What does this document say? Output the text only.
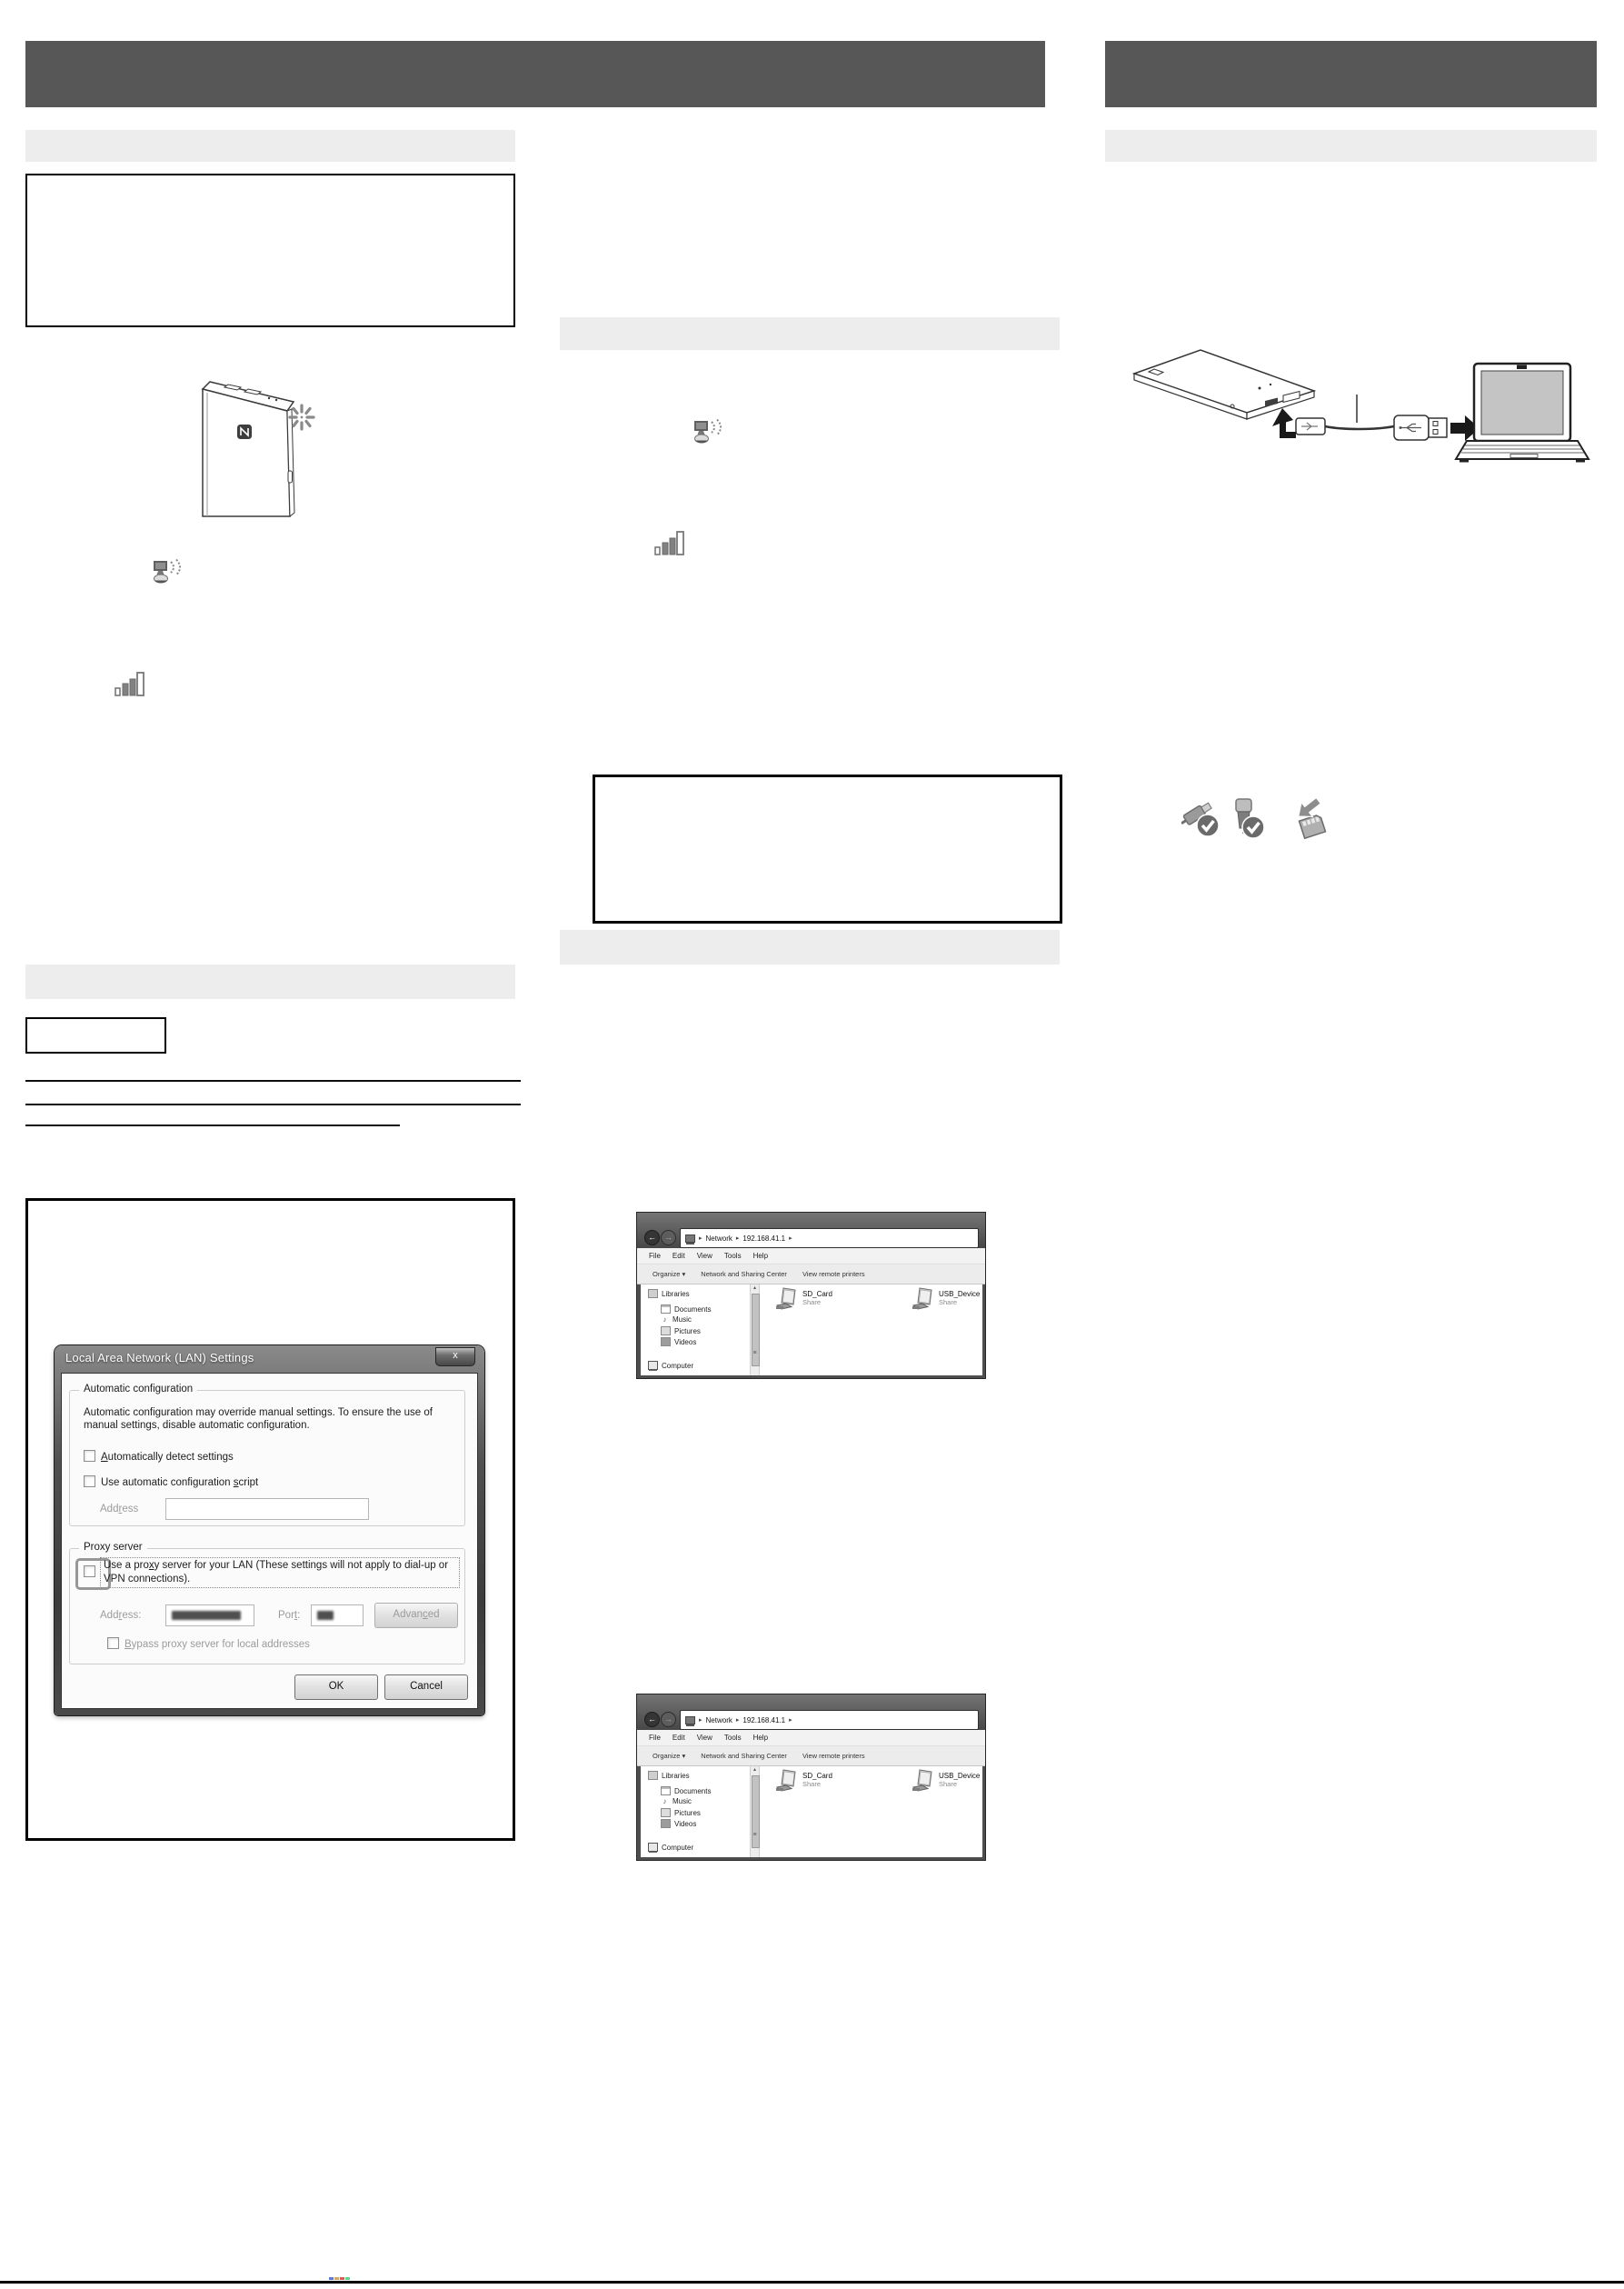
Local Area Network (LAN) Settings	x
Automatic configuration
Automatic configuration may override manual settings. To ensure the use of manual settings, disable automatic configuration.
Automatically detect settings
Use automatic configuration script
Address
Proxy server
Use a proxy server for your LAN (These settings will not apply to dial-up or VPN connections).
Address:	Port:	Advanced
Bypass proxy server for local addresses
OK	Cancel
←	→	▸ Network ▸ 192.168.41.1 ▸
File Edit View Tools Help
Organize ▾ Network and Sharing Center View remote printers
Libraries
Documents
♪ Music
Pictures
Videos
Computer
▴
≡
SD_Card
Share
USB_Device
Share
←	→	▸ Network ▸ 192.168.41.1 ▸
File Edit View Tools Help
Organize ▾ Network and Sharing Center View remote printers
Libraries
Documents
♪ Music
Pictures
Videos
Computer
▴
≡
SD_Card
Share
USB_Device
Share
